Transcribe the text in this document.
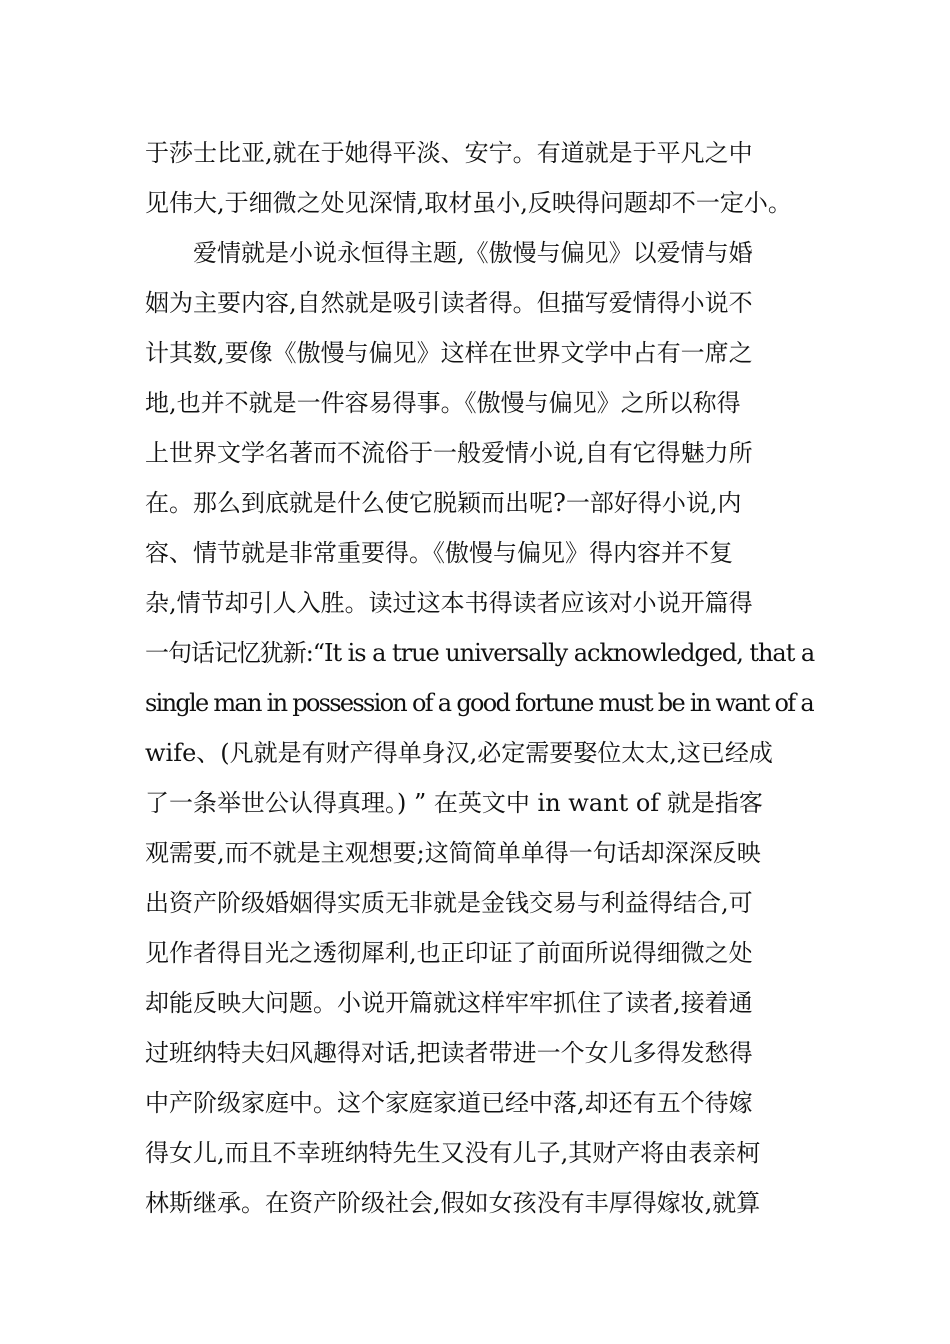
于莎士比亚,就在于她得平淡、安宁。有道就是于平凡之中
见伟大,于细微之处见深情,取材虽小,反映得问题却不一定小。
爱情就是小说永恒得主题,《傲慢与偏见》以爱情与婚
姻为主要内容,自然就是吸引读者得。但描写爱情得小说不
计其数,要像《傲慢与偏见》这样在世界文学中占有一席之
地,也并不就是一件容易得事。《傲慢与偏见》之所以称得
上世界文学名著而不流俗于一般爱情小说,自有它得魅力所
在。那么到底就是什么使它脱颖而出呢?一部好得小说,内
容、情节就是非常重要得。《傲慢与偏见》得内容并不复
杂,情节却引人入胜。读过这本书得读者应该对小说开篇得
一句话记忆犹新:“It is a true universally acknowledged, that a
single man in possession of a good fortune must be in want of a
wife、(凡就是有财产得单身汉,必定需要娶位太太,这已经成
了一条举世公认得真理。) ” 在英文中 in want of 就是指客
观需要,而不就是主观想要;这简简单单得一句话却深深反映
出资产阶级婚姻得实质无非就是金钱交易与利益得结合,可
见作者得目光之透彻犀利,也正印证了前面所说得细微之处
却能反映大问题。小说开篇就这样牢牢抓住了读者,接着通
过班纳特夫妇风趣得对话,把读者带进一个女儿多得发愁得
中产阶级家庭中。这个家庭家道已经中落,却还有五个待嫁
得女儿,而且不幸班纳特先生又没有儿子,其财产将由表亲柯
林斯继承。在资产阶级社会,假如女孩没有丰厚得嫁妆,就算
